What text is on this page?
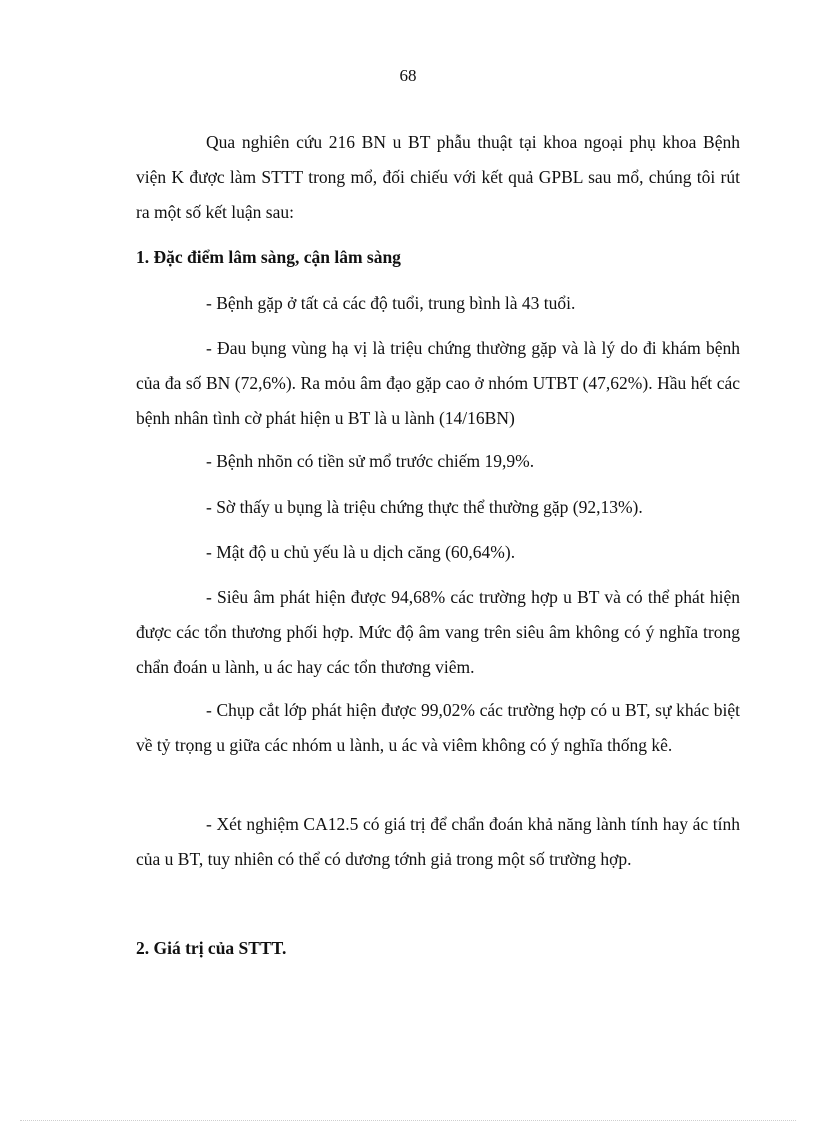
68

Qua nghiên cứu 216 BN u BT phẫu thuật tại khoa ngoại phụ khoa Bệnh viện K được làm STTT trong mổ, đối chiếu với kết quả GPBL sau mổ, chúng tôi rút ra một số kết luận sau:

1. Đặc điểm lâm sàng, cận lâm sàng

- Bệnh gặp ở tất cả các độ tuổi, trung bình là 43 tuổi.

- Đau bụng vùng hạ vị là triệu chứng thường gặp và là lý do đi khám bệnh của đa số BN (72,6%). Ra mỏu âm đạo gặp cao ở nhóm UTBT (47,62%). Hầu hết các bệnh nhân tình cờ phát hiện u BT là u lành (14/16BN)

- Bệnh nhõn có tiền sử mổ trước chiếm 19,9%.

- Sờ thấy u bụng là triệu chứng thực thể thường gặp (92,13%).

- Mật độ u chủ yếu là u dịch căng (60,64%).

- Siêu âm phát hiện được 94,68% các trường hợp u BT và có thể phát hiện được các tổn thương phối hợp. Mức độ âm vang trên siêu âm không có ý nghĩa trong chẩn đoán u lành, u ác hay các tổn thương viêm.

- Chụp cắt lớp phát hiện được 99,02% các trường hợp có u BT, sự khác biệt về tỷ trọng u giữa các nhóm u lành, u ác và viêm không có ý nghĩa thống kê.

- Xét nghiệm CA12.5 có giá trị để chẩn đoán khả năng lành tính hay ác tính của u BT, tuy nhiên có thể có dương tớnh giả trong một số trường hợp.

2. Giá trị của STTT.
